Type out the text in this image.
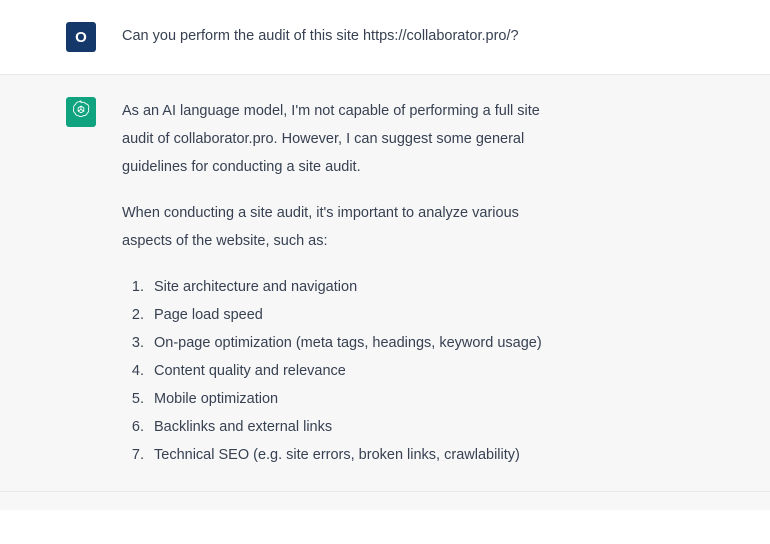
O Can you perform the audit of this site https://collaborator.pro/?

As an AI language model, I'm not capable of performing a full site audit of collaborator.pro. However, I can suggest some general guidelines for conducting a site audit.

When conducting a site audit, it's important to analyze various aspects of the website, such as:

1. Site architecture and navigation
2. Page load speed
3. On-page optimization (meta tags, headings, keyword usage)
4. Content quality and relevance
5. Mobile optimization
6. Backlinks and external links
7. Technical SEO (e.g. site errors, broken links, crawlability)
